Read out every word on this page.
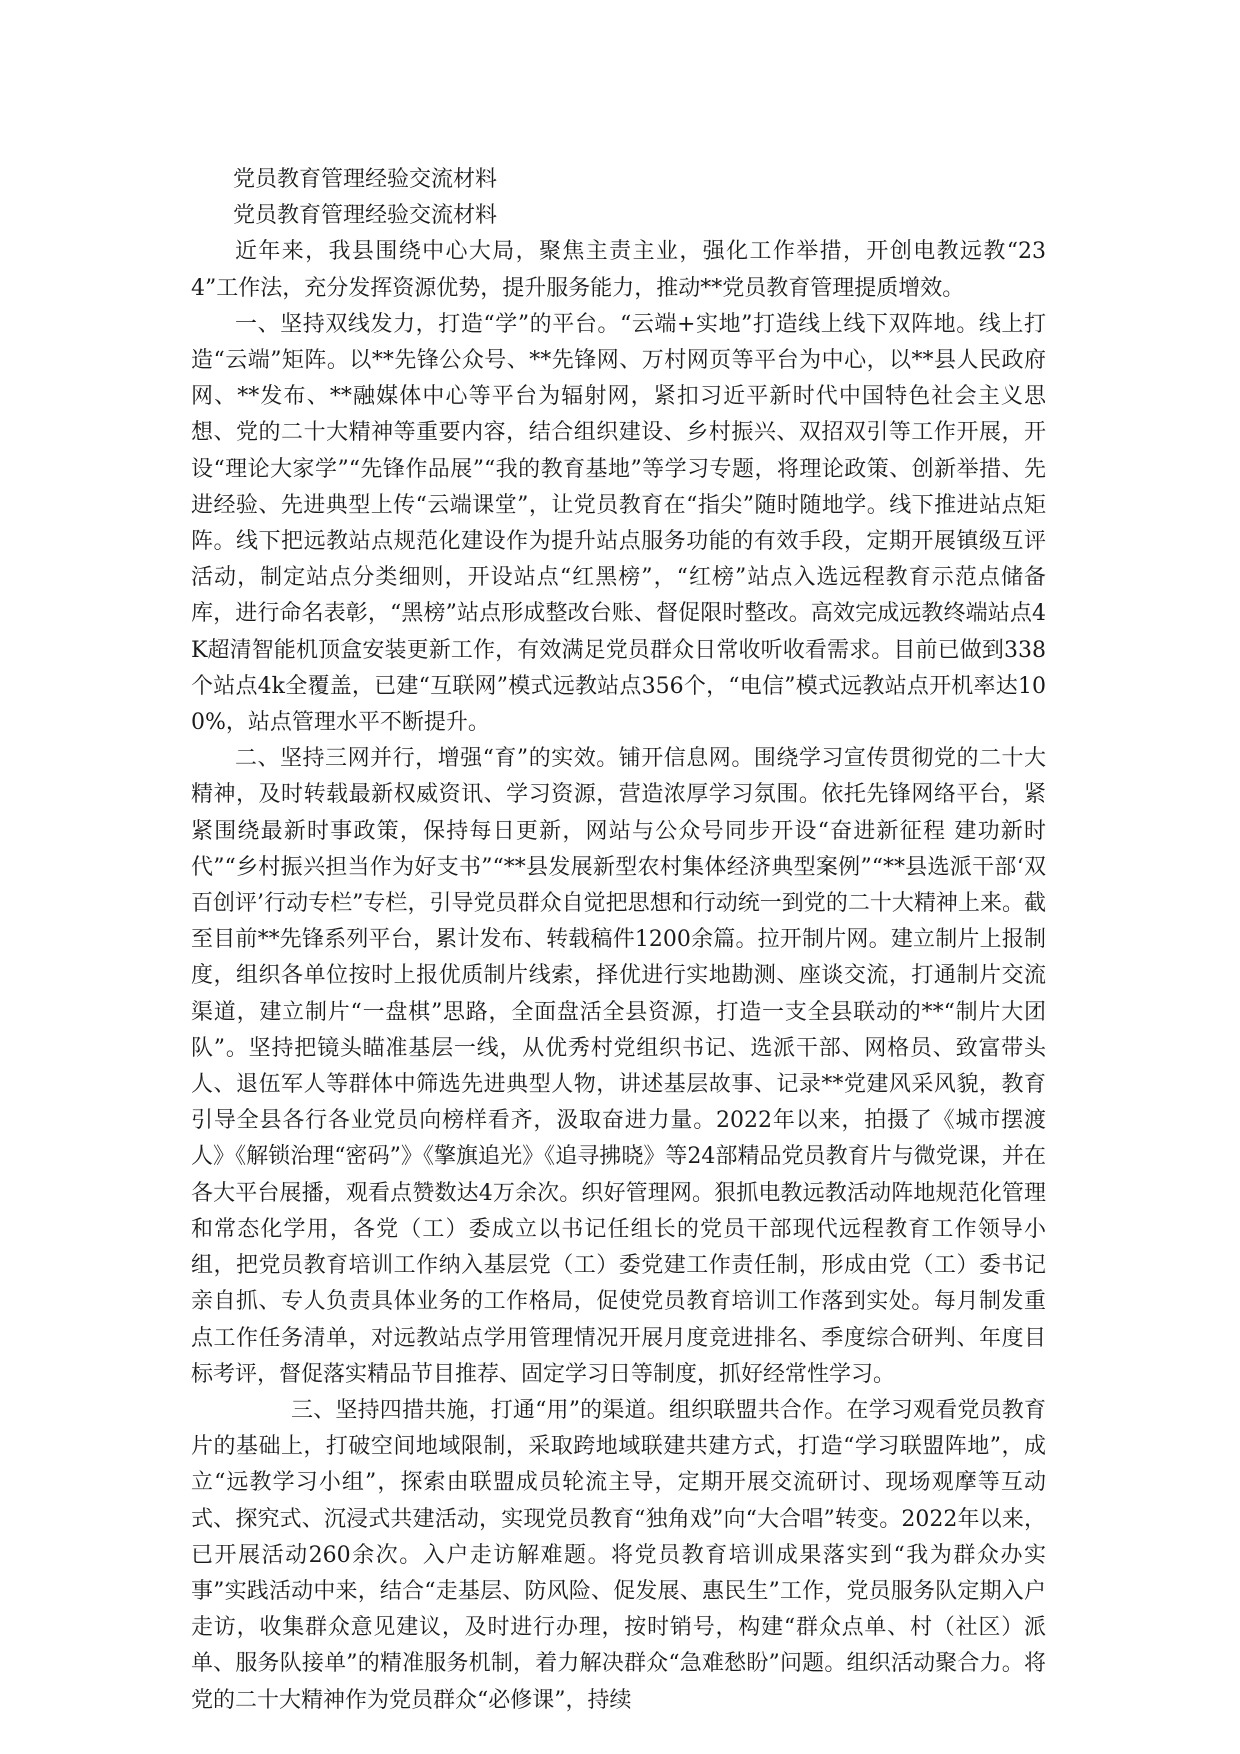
党员教育管理经验交流材料

党员教育管理经验交流材料

近年来，我县围绕中心大局，聚焦主责主业，强化工作举措，开创电教远教“234”工作法，充分发挥资源优势，提升服务能力，推动**党员教育管理提质增效。

一、坚持双线发力，打造“学”的平台。“云端+实地”打造线上线下双阵地。线上打造“云端”矩阵。以**先锋公众号、**先锋网、万村网页等平台为中心，以**县人民政府网、**发布、**融媒体中心等平台为辐射网，紧扣习近平新时代中国特色社会主义思想、党的二十大精神等重要内容，结合组织建设、乡村振兴、双招双引等工作开展，开设“理论大家学”“先锋作品展”“我的教育基地”等学习专题，将理论政策、创新举措、先进经验、先进典型上传“云端课堂”，让党员教育在“指尖”随时随地学。线下推进站点矩阵。线下把远教站点规范化建设作为提升站点服务功能的有效手段，定期开展镇级互评活动，制定站点分类细则，开设站点“红黑榜”，“红榜”站点入选远程教育示范点储备库，进行命名表彰，“黑榜”站点形成整改台账、督促限时整改。高效完成远教终端站点4K超清智能机顶盒安装更新工作，有效满足党员群众日常收听收看需求。目前已做到338个站点4k全覆盖，已建“互联网”模式远教站点356个，“电信”模式远教站点开机率达100%，站点管理水平不断提升。

二、坚持三网并行，增强“育”的实效。铺开信息网。围绕学习宣传贯彻党的二十大精神，及时转载最新权威资讯、学习资源，营造浓厚学习氛围。依托先锋网络平台，紧紧围绕最新时事政策，保持每日更新，网站与公众号同步开设“奋进新征程 建功新时代”“乡村振兴担当作为好支书”“**县发展新型农村集体经济典型案例”“**县选派干部‘双百创评’行动专栏”专栏，引导党员群众自觉把思想和行动统一到党的二十大精神上来。截至目前**先锋系列平台，累计发布、转载稿件1200余篇。拉开制片网。建立制片上报制度，组织各单位按时上报优质制片线索，择优进行实地勘测、座谈交流，打通制片交流渠道，建立制片“一盘棋”思路，全面盘活全县资源，打造一支全县联动的**“制片大团队”。坚持把镜头瞄准基层一线，从优秀村党组织书记、选派干部、网格员、致富带头人、退伍军人等群体中筛选先进典型人物，讲述基层故事、记录**党建风采风貌，教育引导全县各行各业党员向榜样看齐，汲取奋进力量。2022年以来，拍摄了《城市摆渡人》《解锁治理“密码”》《擎旗追光》《追寻拂晓》等24部精品党员教育片与微党课，并在各大平台展播，观看点赞数达4万余次。织好管理网。狠抓电教远教活动阵地规范化管理和常态化学用，各党（工）委成立以书记任组长的党员干部现代远程教育工作领导小组，把党员教育培训工作纳入基层党（工）委党建工作责任制，形成由党（工）委书记亲自抓、专人负责具体业务的工作格局，促使党员教育培训工作落到实处。每月制发重点工作任务清单，对远教站点学用管理情况开展月度竞进排名、季度综合研判、年度目标考评，督促落实精品节目推荐、固定学习日等制度，抓好经常性学习。

三、坚持四措共施，打通“用”的渠道。组织联盟共合作。在学习观看党员教育片的基础上，打破空间地域限制，采取跨地域联建共建方式，打造“学习联盟阵地”，成立“远教学习小组”，探索由联盟成员轮流主导，定期开展交流研讨、现场观摩等互动式、探究式、沉浸式共建活动，实现党员教育“独角戏”向“大合唱”转变。2022年以来，已开展活动260余次。入户走访解难题。将党员教育培训成果落实到“我为群众办实事”实践活动中来，结合“走基层、防风险、促发展、惠民生”工作，党员服务队定期入户走访，收集群众意见建议，及时进行办理，按时销号，构建“群众点单、村（社区）派单、服务队接单”的精准服务机制，着力解决群众“急难愁盼”问题。组织活动聚合力。将党的二十大精神作为党员群众“必修课”，持续
